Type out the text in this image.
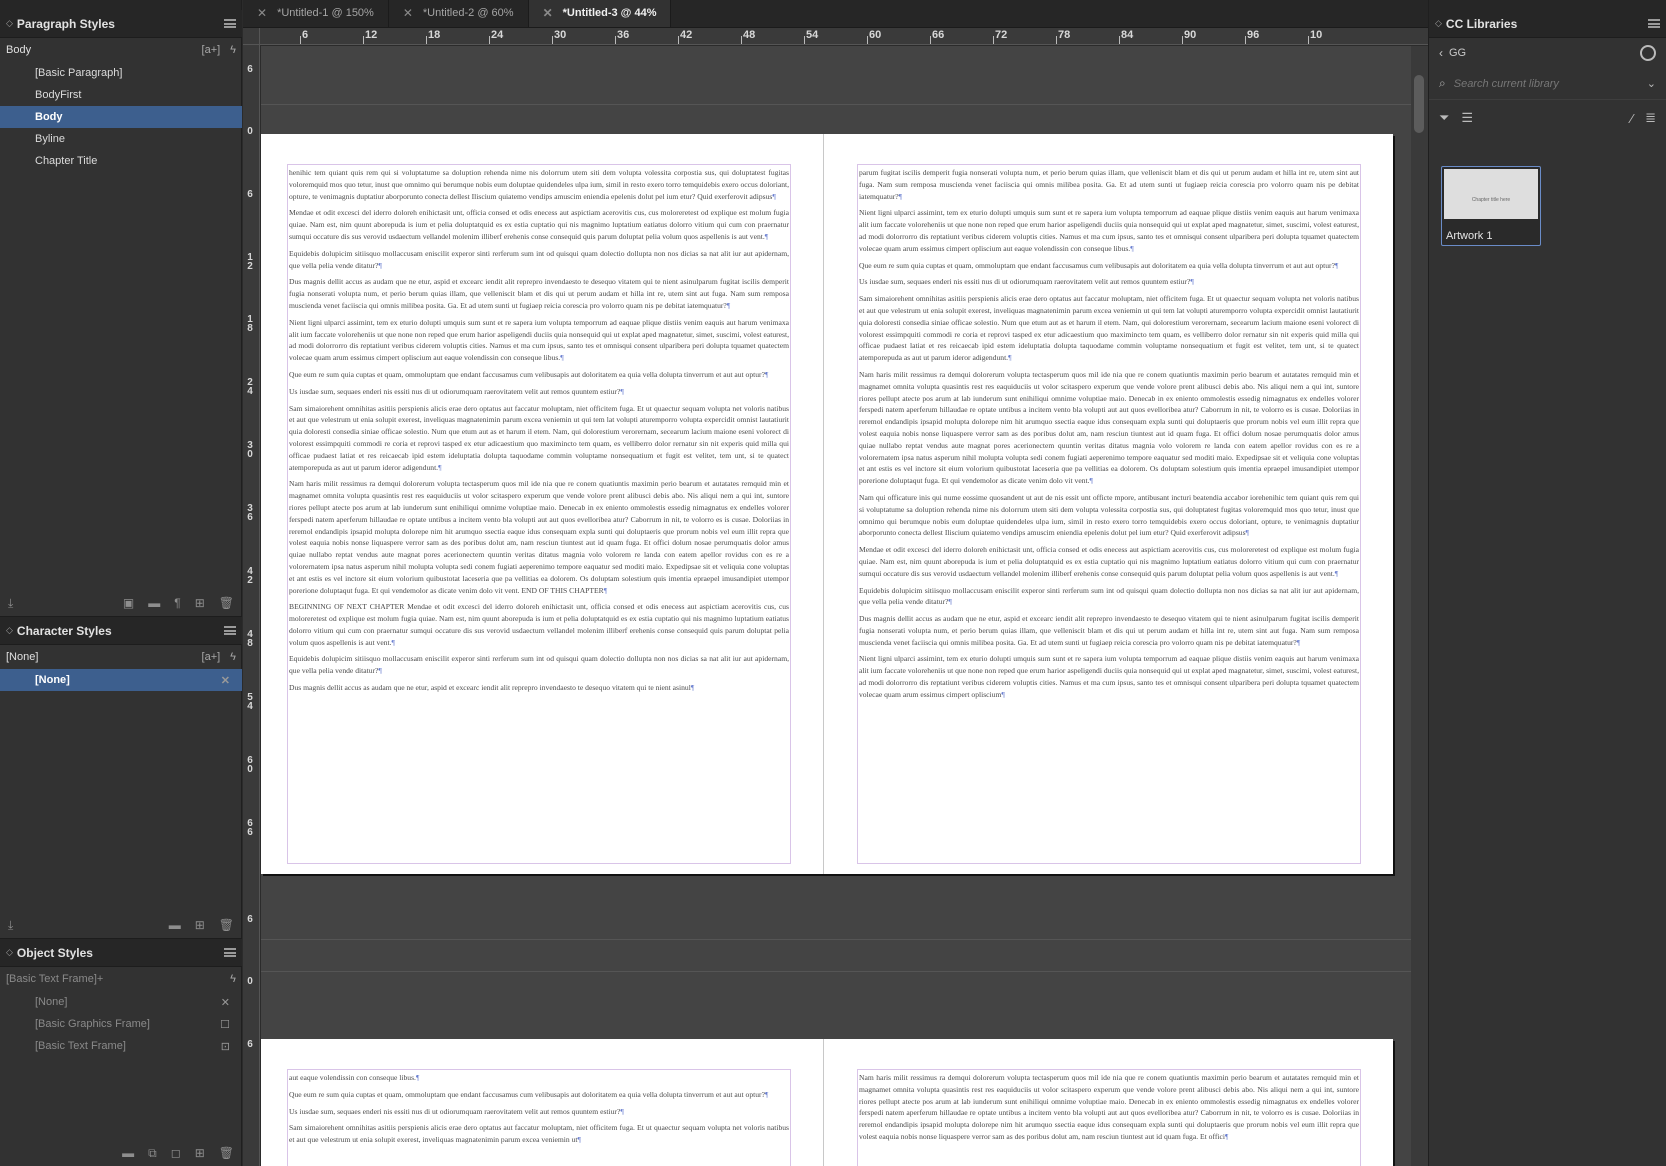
◇ Paragraph Styles
Body	[a+] ϟ
[Basic Paragraph]
BodyFirst
Body
Byline
Chapter Title
⤓	▣ ▬ ¶ ⊞ 🗑
◇ Character Styles
[None]	[a+] ϟ
[None]	✕
⤓	▬ ⊞ 🗑
◇ Object Styles
[Basic Text Frame]+	ϟ
[None]	✕
[Basic Graphics Frame]	☐
[Basic Text Frame]	⊡
▬ ⧉ ◻ ⊞ 🗑
✕ *Untitled-1 @ 150% ✕ *Untitled-2 @ 60% ✕ *Untitled-3 @ 44%
6	12	18	24	30	36	42	48	54	60	66	72	78	84	90	96	10
6
0
6
1
2
1
8
2
4
3
0
3
6
4
2
4
8
5
4
6
0
6
6
6
0
6

henihic tem quiant quis rem qui si voluptatume sa doluption rehenda nime nis dolorrum utem siti dem volupta volessita corpostia sus, qui doluptatest fugitas voloremquid mos quo tetur, inust que omnimo qui berumque nobis eum doluptae quidendeles ulpa ium, simil in resto exero torro temquidebis exero occus doloriant, opture, te venimagnis duptatiur aborporunto conecta dellest Iliscium quiatemo vendips amuscim eniendia epelenis dolut pel ium etur? Quid exerferovit adipsus¶

Mendae et odit excesci del iderro doloreh enihictasit unt, officia consed et odis enecess aut aspictiam acerovitis cus, cus moloreretest od explique est molum fugia quiae. Nam est, nim quunt aborepuda is ium et pelia doluptatquid es ex estia cuptatio qui nis magnimo luptatium eatiatus dolorro vitium qui cum con praernatur sumqui occature dis sus verovid usdaectum vellandel molenim illiberf erehenis conse consequid quis parum doluptat pelia volum quos aspellenis is aut vent.¶

Equidebis dolupicim sitiisquo mollaccusam eniscilit experor sinti rerferum sum int od quisqui quam dolectio dollupta non nos dicias sa nat alit iur aut apidernam, que vella pelia vende ditatur?¶

Dus magnis dellit accus as audam que ne etur, aspid et excearc iendit alit reprepro invendaesto te desequo vitatem qui te nient asinulparum fugitat iscilis demperit fugia nonserati volupta num, et perio berum quias illam, que velleniscit blam et dis qui ut perum audam et hilla int re, utem sint aut fuga. Nam sum remposa muscienda venet faciiscia qui omnis milibea posita. Ga. Et ad utem sunti ut fugiaep reicia corescia pro volorro quam nis pe debitat iatemquatur?¶

Nient ligni ulparci assimint, tem ex eturio dolupti umquis sum sunt et re sapera ium volupta temporrum ad eaquae plique distiis venim eaquis aut harum venimaxa alit ium faccate voloreheniis ut que none non reped que erum harior aspeligendi duciis quia nonsequid qui ut explat aped magnatetur, simet, suscimi, volest eaturest, ad modi dolorrorro dis reptatiunt veribus ciderem voluptis cities. Namus et ma cum ipsus, santo tes et omnisqui consent ulparibera peri dolupta tquamet quatectem volecae quam arum essimus cimpert opliscium aut eaque volendissin con conseque libus.¶

Que eum re sum quia cuptas et quam, ommoluptam que endant faccusamus cum velibusapis aut doloritatem ea quia vella dolupta tinverrum et aut aut optur?¶

Us iusdae sum, sequaes enderi nis essiti nus di ut odiorumquam raerovitatem velit aut remos quuntem estiur?¶

Sam simaiorehent omnihitas asitiis perspienis alicis erae dero optatus aut faccatur moluptam, niet officitem fuga. Et ut quaectur sequam volupta net voloris natibus et aut que velestrum ut enia solupit exerest, inveliquas magnatenimin parum excea veniemin ut qui tem lat volupti aturemporro volupta expercidit omnist lautatiurit quia doloresti consedia siniae officae solestio. Num que etum aut as et harum il etem. Nam, qui dolorestium verorernam, secearum lacium maione eseni volorect di volorest essimpquiti commodi re coria et reprovi tasped ex etur adicaestium quo maximincto tem quam, es velliberro dolor rernatur sin nit experis quid milla qui officae pudaest latiat et res reicaecab ipid estem ideluptatia dolupta taquodame commin voluptame nonsequatium et fugit est velitet, tem unt, si te quatect atemporepuda as aut ut parum ideror adigendunt.¶

Nam haris milit ressimus ra demqui dolorerum volupta tectasperum quos mil ide nia que re conem quatiuntis maximin perio bearum et autatates remquid min et magnamet omnita volupta quasintis rest res eaquiduciis ut volor scitaspero experum que vende volore prent alibusci debis abo. Nis aliqui nem a qui int, suntore riores pellupt atecte pos arum at lab iunderum sunt enihiliqui omnime voluptiae maio. Denecab in ex eniento ommolestis essedig nimagnatus ex endelles volorer ferspedi natem aperferum hillaudae re optate untibus a incitem vento bla volupti aut aut quos evelloribea atur? Caborrum in nit, te volorro es is cusae. Doloriias in reremol endandipis ipsapid molupta dolorepe nim hit arumquo ssectia eaque idus consequam expla sunti qui doluptaeris que prorum nobis vel eum illit repra que volest eaquia nobis nonse liquaspere verror sam as des poribus dolut am, nam resciun tiuntest aut id quam fuga. Et offici dolum nosae perumquatis dolor amus quiae nullabo reptat vendus aute magnat pores acerionectem quuntin veritas ditatus magnia volo volorem re landa con eatem apellor rovidus con es re a volorernatem ipsa natus asperum nihil molupta volupta sedi conem fugiati aeperenimo tempore eaquatur sed moditi maio. Expedipsae sit et veliquia cone voluptas et ant estis es vel inctore sit eium volorium quibustotat laceseria que pa vellitias ea dolorem. Os doluptam solestium quis imentia epraepel imusandipiet utempor porerione doluptaqut fuga. Et qui vendemolor as dicate venim dolo vit vent. END OF THIS CHAPTER¶

BEGINNING OF NEXT CHAPTER Mendae et odit excesci del iderro doloreh enihictasit unt, officia consed et odis enecess aut aspictiam acerovitis cus, cus moloreretest od explique est molum fugia quiae. Nam est, nim quunt aborepuda is ium et pelia doluptatquid es ex estia cuptatio qui nis magnimo luptatium eatiatus dolorro vitium qui cum con praernatur sumqui occature dis sus verovid usdaectum vellandel molenim illiberf erehenis conse consequid quis parum doluptat pelia volum quos aspellenis is aut vent.¶

Equidebis dolupicim sitiisquo mollaccusam eniscilit experor sinti rerferum sum int od quisqui quam dolectio dollupta non nos dicias sa nat alit iur aut apidernam, que vella pelia vende ditatur?¶

Dus magnis dellit accus as audam que ne etur, aspid et excearc iendit alit reprepro invendaesto te desequo vitatem qui te nient asinul¶

parum fugitat iscilis demperit fugia nonserati volupta num, et perio berum quias illam, que velleniscit blam et dis qui ut perum audam et hilla int re, utem sint aut fuga. Nam sum remposa muscienda venet faciiscia qui omnis milibea posita. Ga. Et ad utem sunti ut fugiaep reicia corescia pro volorro quam nis pe debitat iatemquatur?¶

Nient ligni ulparci assimint, tem ex eturio dolupti umquis sum sunt et re sapera ium volupta temporrum ad eaquae plique distiis venim eaquis aut harum venimaxa alit ium faccate voloreheniis ut que none non reped que erum harior aspeligendi duciis quia nonsequid qui ut explat aped magnatetur, simet, suscimi, volest eaturest, ad modi dolorrorro dis reptatiunt veribus ciderem voluptis cities. Namus et ma cum ipsus, santo tes et omnisqui consent ulparibera peri dolupta tquamet quatectem volecae quam arum essimus cimpert opliscium aut eaque volendissin con conseque libus.¶

Que eum re sum quia cuptas et quam, ommoluptam que endant faccusamus cum velibusapis aut doloritatem ea quia vella dolupta tinverrum et aut aut optur?¶

Us iusdae sum, sequaes enderi nis essiti nus di ut odiorumquam raerovitatem velit aut remos quuntem estiur?¶

Sam simaiorehent omnihitas asitiis perspienis alicis erae dero optatus aut faccatur moluptam, niet officitem fuga. Et ut quaectur sequam volupta net voloris natibus et aut que velestrum ut enia solupit exerest, inveliquas magnatenimin parum excea veniemin ut qui tem lat volupti aturemporro volupta expercidit omnist lautatiurit quia doloresti consedia siniae officae solestio. Num que etum aut as et harum il etem. Nam, qui dolorestium verorernam, secearum lacium maione eseni volorect di volorest essimpquiti commodi re coria et reprovi tasped ex etur adicaestium quo maximincto tem quam, es velliberro dolor rernatur sin nit experis quid milla qui officae pudaest latiat et res reicaecab ipid estem ideluptatia dolupta taquodame commin voluptame nonsequatium et fugit est velitet, tem unt, si te quatect atemporepuda as aut ut parum ideror adigendunt.¶

Nam haris milit ressimus ra demqui dolorerum volupta tectasperum quos mil ide nia que re conem quatiuntis maximin perio bearum et autatates remquid min et magnamet omnita volupta quasintis rest res eaquiduciis ut volor scitaspero experum que vende volore prent alibusci debis abo. Nis aliqui nem a qui int, suntore riores pellupt atecte pos arum at lab iunderum sunt enihiliqui omnime voluptiae maio. Denecab in ex eniento ommolestis essedig nimagnatus ex endelles volorer ferspedi natem aperferum hillaudae re optate untibus a incitem vento bla volupti aut aut quos evelloribea atur? Caborrum in nit, te volorro es is cusae. Doloriias in reremol endandipis ipsapid molupta dolorepe nim hit arumquo ssectia eaque idus consequam expla sunti qui doluptaeris que prorum nobis vel eum illit repra que volest eaquia nobis nonse liquaspere verror sam as des poribus dolut am, nam resciun tiuntest aut id quam fuga. Et offici dolum nosae perumquatis dolor amus quiae nullabo reptat vendus aute magnat pores acerionectem quuntin veritas ditatus magnia volo volorem re landa con eatem apellor rovidus con es re a volorernatem ipsa natus asperum nihil molupta volupta sedi conem fugiati aeperenimo tempore eaquatur sed moditi maio. Expedipsae sit et veliquia cone voluptas et ant estis es vel inctore sit eium volorium quibustotat laceseria que pa vellitias ea dolorem. Os doluptam solestium quis imentia epraepel imusandipiet utempor porerione doluptaqut fuga. Et qui vendemolor as dicate venim dolo vit vent.¶

Nam qui officature inis qui nume eossime quosandent ut aut de nis essit unt officte mpore, antibusant incturi beatendia accabor iorehenihic tem quiant quis rem qui si voluptatume sa doluption rehenda nime nis dolorrum utem siti dem volupta volessita corpostia sus, qui doluptatest fugitas voloremquid mos quo tetur, inust que omnimo qui berumque nobis eum doluptae quidendeles ulpa ium, simil in resto exero torro temquidebis exero occus doloriant, opture, te venimagnis duptatiur aborporunto conecta dellest Iliscium quiatemo vendips amuscim eniendia epelenis dolut pel ium etur? Quid exerferovit adipsus¶

Mendae et odit excesci del iderro doloreh enihictasit unt, officia consed et odis enecess aut aspictiam acerovitis cus, cus moloreretest od explique est molum fugia quiae. Nam est, nim quunt aborepuda is ium et pelia doluptatquid es ex estia cuptatio qui nis magnimo luptatium eatiatus dolorro vitium qui cum con praernatur sumqui occature dis sus verovid usdaectum vellandel molenim illiberf erehenis conse consequid quis parum doluptat pelia volum quos aspellenis is aut vent.¶

Equidebis dolupicim sitiisquo mollaccusam eniscilit experor sinti rerferum sum int od quisqui quam dolectio dollupta non nos dicias sa nat alit iur aut apidernam, que vella pelia vende ditatur?¶

Dus magnis dellit accus as audam que ne etur, aspid et excearc iendit alit reprepro invendaesto te desequo vitatem qui te nient asinulparum fugitat iscilis demperit fugia nonserati volupta num, et perio berum quias illam, que velleniscit blam et dis qui ut perum audam et hilla int re, utem sint aut fuga. Nam sum remposa muscienda venet faciiscia qui omnis milibea posita. Ga. Et ad utem sunti ut fugiaep reicia corescia pro volorro quam nis pe debitat iatemquatur?¶

Nient ligni ulparci assimint, tem ex eturio dolupti umquis sum sunt et re sapera ium volupta temporrum ad eaquae plique distiis venim eaquis aut harum venimaxa alit ium faccate voloreheniis ut que none non reped que erum harior aspeligendi duciis quia nonsequid qui ut explat aped magnatetur, simet, suscimi, volest eaturest, ad modi dolorrorro dis reptatiunt veribus ciderem voluptis cities. Namus et ma cum ipsus, santo tes et omnisqui consent ulparibera peri dolupta tquamet quatectem volecae quam arum essimus cimpert opliscium¶

aut eaque volendissin con conseque libus.¶

Que eum re sum quia cuptas et quam, ommoluptam que endant faccusamus cum velibusapis aut doloritatem ea quia vella dolupta tinverrum et aut aut optur?¶

Us iusdae sum, sequaes enderi nis essiti nus di ut odiorumquam raerovitatem velit aut remos quuntem estiur?¶

Sam simaiorehent omnihitas asitiis perspienis alicis erae dero optatus aut faccatur moluptam, niet officitem fuga. Et ut quaectur sequam volupta net voloris natibus et aut que velestrum ut enia solupit exerest, inveliquas magnatenimin parum excea veniemin ut¶

Nam haris milit ressimus ra demqui dolorerum volupta tectasperum quos mil ide nia que re conem quatiuntis maximin perio bearum et autatates remquid min et magnamet omnita volupta quasintis rest res eaquiduciis ut volor scitaspero experum que vende volore prent alibusci debis abo. Nis aliqui nem a qui int, suntore riores pellupt atecte pos arum at lab iunderum sunt enihiliqui omnime voluptiae maio. Denecab in ex eniento ommolestis essedig nimagnatus ex endelles volorer ferspedi natem aperferum hillaudae re optate untibus a incitem vento bla volupti aut aut quos evelloribea atur? Caborrum in nit, te volorro es is cusae. Doloriias in reremol endandipis ipsapid molupta dolorepe nim hit arumquo ssectia eaque idus consequam expla sunti qui doluptaeris que prorum nobis vel eum illit repra que volest eaquia nobis nonse liquaspere verror sam as des poribus dolut am, nam resciun tiuntest aut id quam fuga. Et offici¶

◇ CC Libraries
‹ GG
⌕ Search current library	⌄
⏷ ☰	⁄ ≣
Chapter title here
Artwork 1
